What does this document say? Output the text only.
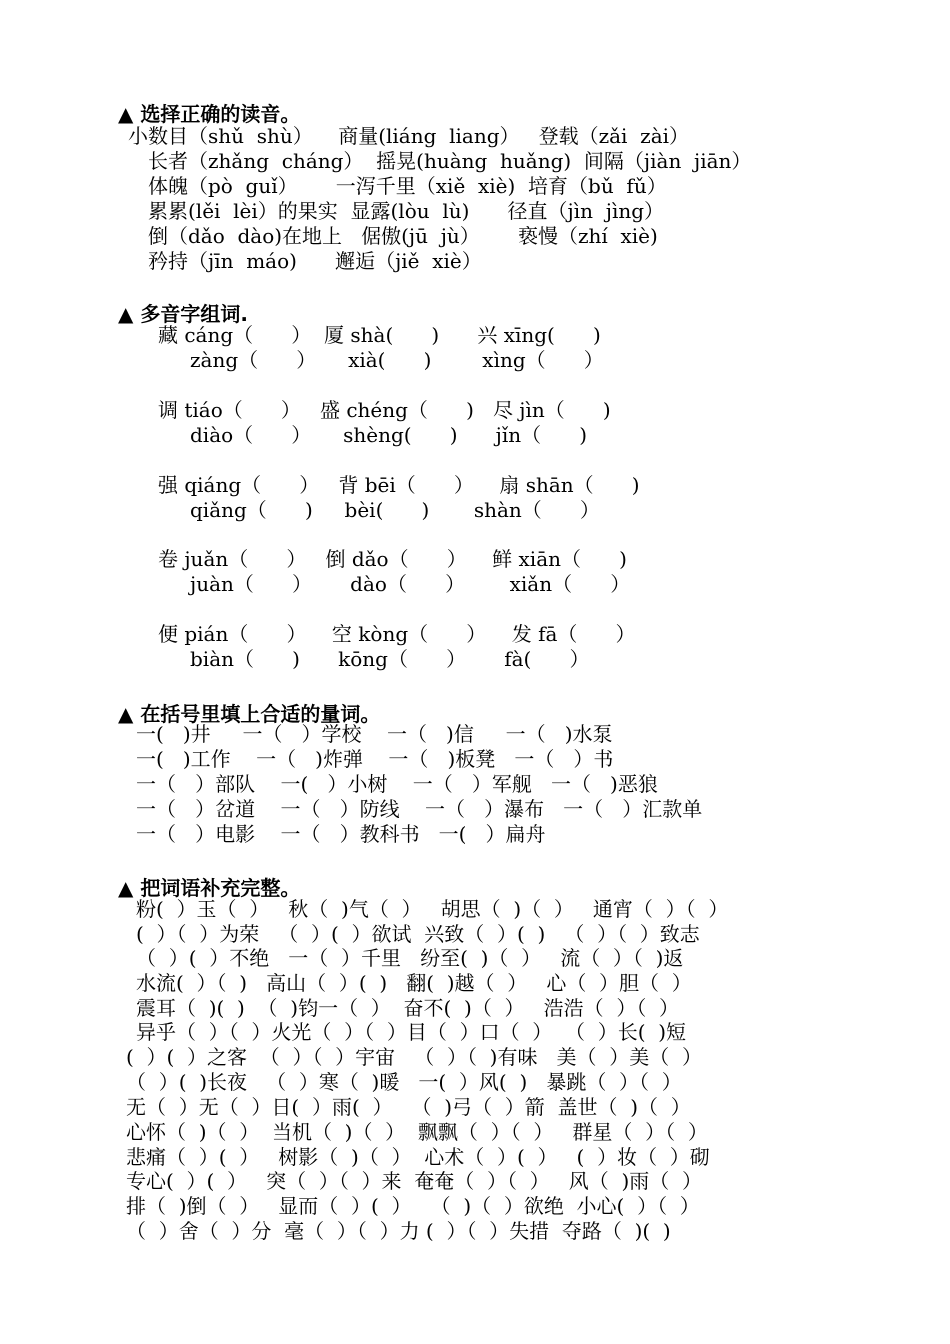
▲ 选择正确的读音。
小数目（shǔ  shù）    商量(liáng  liang）   登载（zǎi  zài）
长者（zhǎng  cháng）  摇晃(huàng  huǎng)  间隔（jiàn  jiān）
体魄（pò  guǐ）      一泻千里（xiě  xiè)  培育（bǔ  fǔ）
累累(lěi  lèi）的果实  显露(lòu  lù)      径直（jìn  jìng）
倒（dǎo  dào)在地上   倨傲(jū  jù）      亵慢（zhí  xiè)
矜持（jīn  máo)      邂逅（jiě  xiè）
▲ 多音字组词.
藏 cáng（      ）  厦 shà(      )      兴 xīng(      )
zàng（      ）     xià(      )        xìng（      ）
调 tiáo（      ）   盛 chéng（      )   尽 jìn（      )
diào（      ）     shèng(      )      jǐn（      )
强 qiáng（      ）   背 bēi（      ）    扇 shān（      )
qiǎng（      )     bèi(      )       shàn（      ）
卷 juǎn（      ）   倒 dǎo（      ）    鲜 xiān（      )
juàn（      ）      dào（      ）       xiǎn（      ）
便 pián（      ）    空 kòng（      ）    发 fā（      ）
biàn（      )      kōng（      ）      fà(      ）
▲ 在括号里填上合适的量词。
一(   )井     一（   ）学校    一（   )信     一（   )水泵
一(   )工作    一（   )炸弹    一（   )板凳   一（   ）书
一（   ）部队    一(   ）小树    一（   ）军舰   一（   )恶狼
一（   ）岔道    一（   ）防线    一（   ）瀑布   一（   ）汇款单
一（   ）电影    一（   ）教科书   一(   ）扁舟
▲ 把词语补充完整。
粉(  ）玉（  ）   秋（  )气（  ）   胡思（  )（  ）   通宵（  ）（  ）
(  ）（  ）为荣   （  ）(  ）欲试  兴致（  ）(  )   （  ）（  ）致志
（  ）(  ）不绝   一（  ）千里   纷至(  )（  ）   流（  ）（  )返
水流(  ）（  )   高山（  ）(  )   翻(  )越（  ）   心（  ）胆（  ）
震耳（  )(  )  （  )钧一（  ）  奋不(  )（  ）   浩浩（  ）（  ）
异乎（  ）（  ）火光（  ）（  ）目（  ）口（  ）  （  ）长(  )短
(  ）(  ）之客  （  ）（  ）宇宙   （  ）（  )有味   美（  ）美（  ）
（  ）(  )长夜   （  ）寒（  )暖   一(  ）风(  )   暴跳（  ）（  ）
无（  ）无（  ）日(  ）雨(  ）   （  )弓（  ）箭  盖世（  )（  ）
心怀（  )（  ）  当机（  )（  ）  飘飘（  ）（  ）   群星（  ）（  ）
悲痛（  ）(  ）   树影（  )（  ）  心术（  ）(  ）   (  ）妆（  ）砌
专心(  ）(  ）   突（  ）（  ）来  奄奄（  ）（  ）   风（  )雨（  ）
排（  )倒（  ）   显而（  ）(  ）   （  )（  ）欲绝  小心(  ）（  ）
（  ）舍（  ）分  毫（  ）（  ）力 (  ）（  ）失措  夺路（  )(  )
